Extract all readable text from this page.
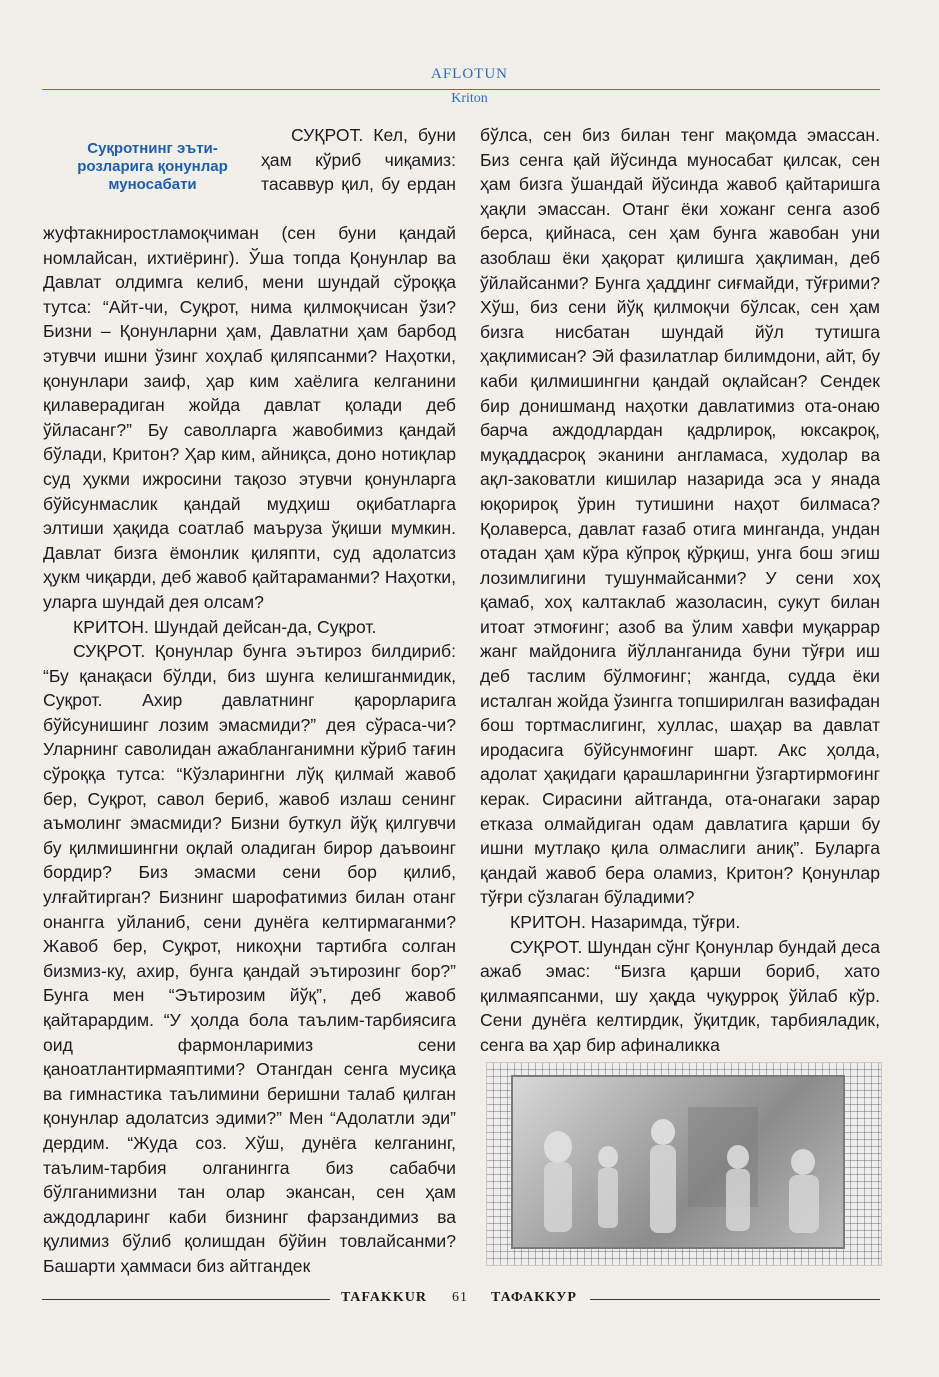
AFLOTUN
Kriton
Суқротнинг эъти-розларига қонунлар муносабати

СУҚРОТ. Кел, буни ҳам кўриб чиқамиз: тасаввур қил, бу ердан жуфтакниростламоқчиман (сен буни қандай номлайсан, ихтиёринг). Ўша топда Қонунлар ва Давлат олдимга келиб, мени шундай сўроққа тутса: “Айт-чи, Суқрот, нима қилмоқчисан ўзи? Бизни – Қонунларни ҳам, Давлатни ҳам барбод этувчи ишни ўзинг хоҳлаб қиляпсанми? Наҳотки, қонунлари заиф, ҳар ким хаёлига келганини қилаверадиган жойда давлат қолади деб ўйласанг?” Бу саволларга жавобимиз қандай бўлади, Критон? Ҳар ким, айниқса, доно нотиқлар суд ҳукми ижросини тақозо этувчи қонунларга бўйсунмаслик қандай мудҳиш оқибатларга элтиши ҳақида соатлаб маъруза ўқиши мумкин. Давлат бизга ёмонлик қиляпти, суд адолатсиз ҳукм чиқарди, деб жавоб қайтараманми? Наҳотки, уларга шундай дея олсам?

КРИТОН. Шундай дейсан-да, Суқрот.

СУҚРОТ. Қонунлар бунга эътироз билдириб: “Бу қанақаси бўлди, биз шунга келишганмидик, Суқрот. Ахир давлатнинг қарорларига бўйсунишинг лозим эмасмиди?” дея сўраса-чи? Уларнинг саволидан ажабланганимни кўриб тағин сўроққа тутса: “Кўзларингни лўқ қилмай жавоб бер, Суқрот, савол бериб, жавоб излаш сенинг аъмолинг эмасмиди? Бизни буткул йўқ қилгувчи бу қилмишингни оқлай оладиган бирор даъвоинг бордир? Биз эмасми сени бор қилиб, улғайтирган? Бизнинг шарофатимиз билан отанг онангга уйланиб, сени дунёга келтирмаганми? Жавоб бер, Суқрот, никоҳни тартибга солган бизмиз-ку, ахир, бунга қандай эътирозинг бор?” Бунга мен “Эътирозим йўқ”, деб жавоб қайтарардим. “У ҳолда бола таълим-тарбиясига оид фармонларимиз сени қаноатлантирмаяптими? Отангдан сенга мусиқа ва гимнастика таълимини беришни талаб қилган қонунлар адолатсиз эдими?” Мен “Адолатли эди” дердим. “Жуда соз. Хўш, дунёга келганинг, таълим-тарбия олганингга биз сабабчи бўлганимизни тан олар экансан, сен ҳам аждодларинг каби бизнинг фарзандимиз ва қулимиз бўлиб қолишдан бўйин товлайсанми? Башарти ҳаммаси биз айтгандек

бўлса, сен биз билан тенг мақомда эмассан. Биз сенга қай йўсинда муносабат қилсак, сен ҳам бизга ўшандай йўсинда жавоб қайтаришга ҳақли эмассан. Отанг ёки хожанг сенга азоб берса, қийнаса, сен ҳам бунга жавобан уни азоблаш ёки ҳақорат қилишга ҳақлиман, деб ўйлайсанми? Бунга ҳаддинг сиғмайди, тўғрими? Хўш, биз сени йўқ қилмоқчи бўлсак, сен ҳам бизга нисбатан шундай йўл тутишга ҳақлимисан? Эй фазилатлар билимдони, айт, бу каби қилмишингни қандай оқлайсан? Сендек бир донишманд наҳотки давлатимиз ота-онаю барча аждодлардан қадрлироқ, юксакроқ, муқаддасроқ эканини англамаса, худолар ва ақл-заковатли кишилар назарида эса у янада юқорироқ ўрин тутишини наҳот билмаса? Қолаверса, давлат ғазаб отига минганда, ундан отадан ҳам кўра кўпроқ қўрқиш, унга бош эгиш лозимлигини тушунмайсанми? У сени хоҳ қамаб, хоҳ калтаклаб жазоласин, сукут билан итоат этмоғинг; азоб ва ўлим хавфи муқаррар жанг майдонига йўлланганида буни тўғри иш деб таслим бўлмоғинг; жангда, судда ёки исталган жойда ўзингга топширилган вазифадан бош тортмаслигинг, хуллас, шаҳар ва давлат иродасига бўйсунмоғинг шарт. Акс ҳолда, адолат ҳақидаги қарашларингни ўзгартирмоғинг керак. Сирасини айтганда, ота-онагаки зарар етказа олмайдиган одам давлатига қарши бу ишни мутлақо қила олмаслиги аниқ”. Буларга қандай жавоб бера оламиз, Критон? Қонунлар тўғри сўзлаган бўладими?

КРИТОН. Назаримда, тўғри.

СУҚРОТ. Шундан сўнг Қонунлар бундай деса ажаб эмас: “Бизга қарши бориб, хато қилмаяпсанми, шу ҳақда чуқурроқ ўйлаб кўр. Сени дунёга келтирдик, ўқитдик, тарбияладик, сенга ва ҳар бир афиналикка

TAFAKKUR 61 ТАФАККУР
